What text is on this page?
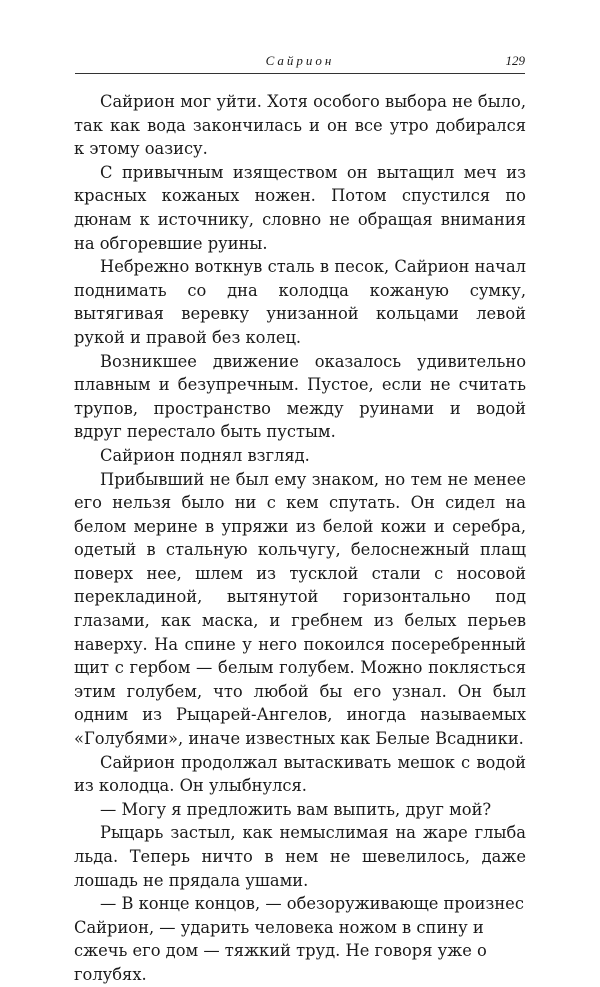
Сайрион	129

Сайрион мог уйти. Хотя особого выбора не было, так как вода закончилась и он все утро добирался к этому оазису.

С привычным изяществом он вытащил меч из красных кожаных ножен. Потом спустился по дюнам к источнику, словно не обращая внимания на обгоревшие руины.

Небрежно воткнув сталь в песок, Сайрион начал поднимать со дна колодца кожаную сумку, вытягивая веревку унизанной кольцами левой рукой и правой без колец.

Возникшее движение оказалось удивительно плавным и безупречным. Пустое, если не считать трупов, пространство между руинами и водой вдруг перестало быть пустым.

Сайрион поднял взгляд.

Прибывший не был ему знаком, но тем не менее его нельзя было ни с кем спутать. Он сидел на белом мерине в упряжи из белой кожи и серебра, одетый в стальную кольчугу, белоснежный плащ поверх нее, шлем из тусклой стали с носовой перекладиной, вытянутой горизонтально под глазами, как маска, и гребнем из белых перьев наверху. На спине у него покоился посеребренный щит с гербом — белым голубем. Можно поклясться этим голубем, что любой бы его узнал. Он был одним из Рыцарей-Ангелов, иногда называемых «Голубями», иначе известных как Белые Всадники.

Сайрион продолжал вытаскивать мешок с водой из колодца. Он улыбнулся.

— Могу я предложить вам выпить, друг мой?

Рыцарь застыл, как немыслимая на жаре глыба льда. Теперь ничто в нем не шевелилось, даже лошадь не прядала ушами.

— В конце концов, — обезоруживающе произнес Сайрион, — ударить человека ножом в спину и сжечь его дом — тяжкий труд. Не говоря уже о голубях.
